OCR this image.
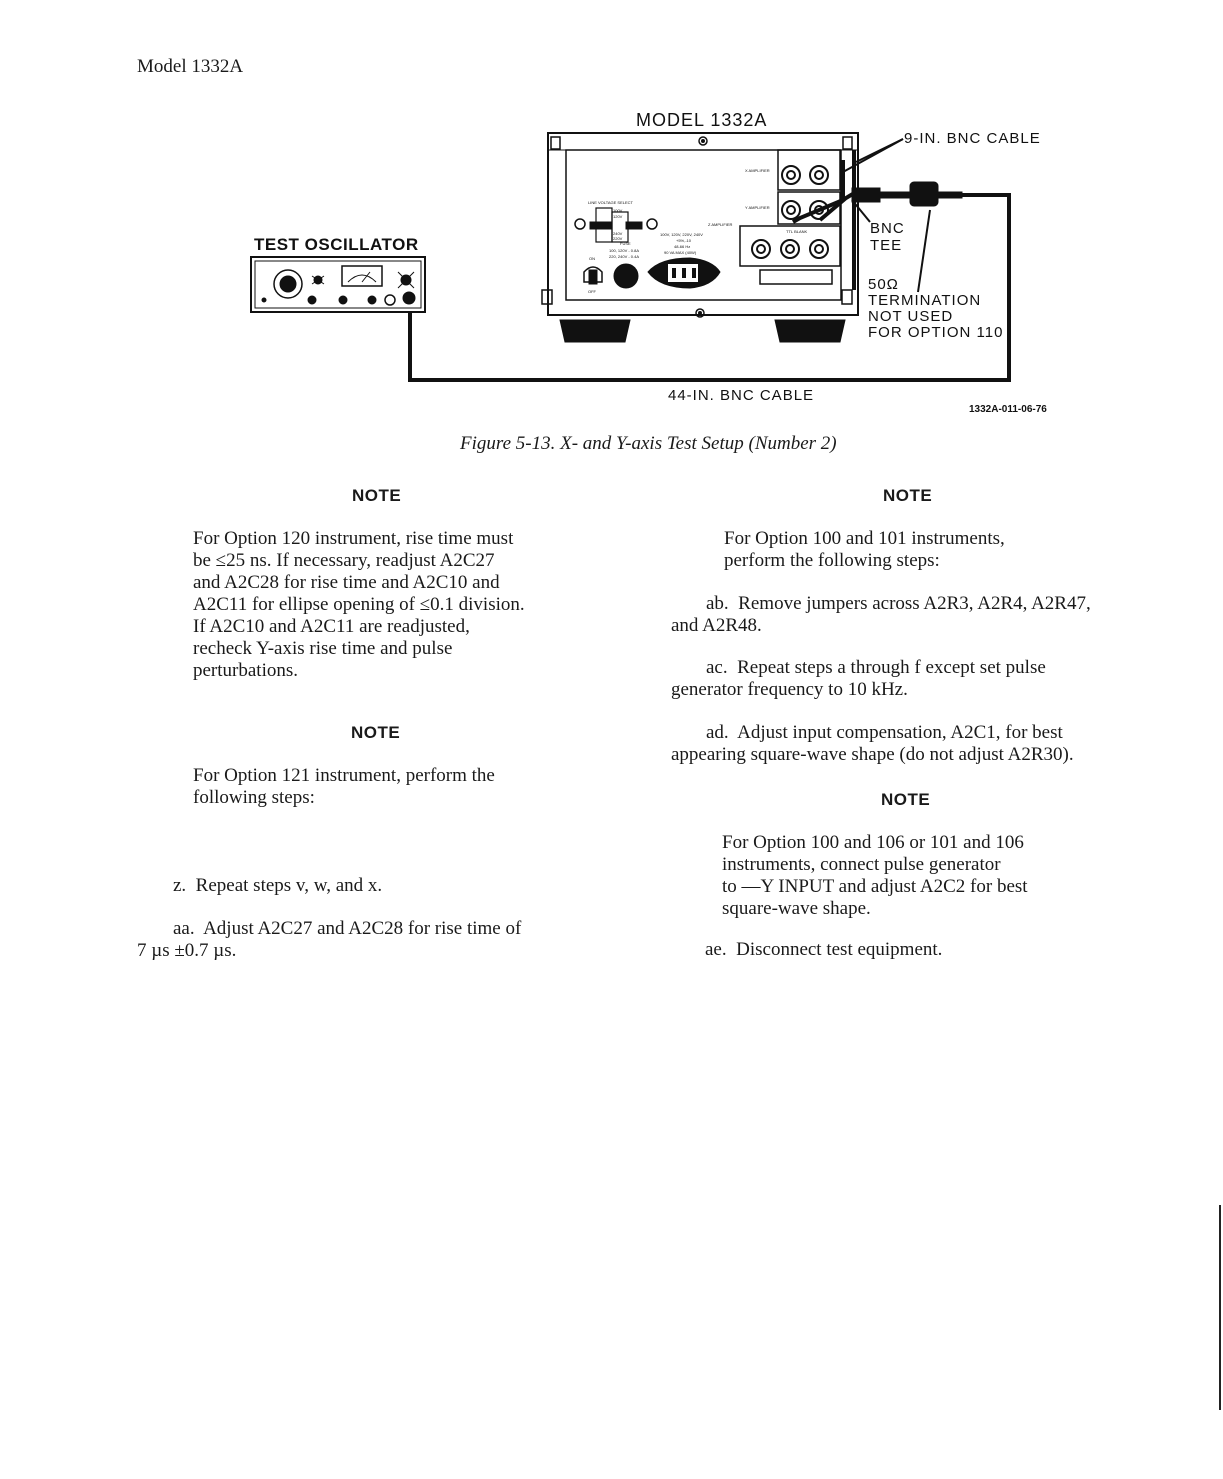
Model 1332A
LINE VOLTAGE SELECT
100V
120V
240V
220V
FUSE
100, 120V - 0.8A
220, 240V - 0.4A
100V, 120V, 220V, 240V
+5%,-10
48-66 Hz
90 VA MAX (40W)
Z AMPLIFIER
X AMPLIFIER
Y AMPLIFIER
TTL BLANK
ON
OFF
MODEL 1332A
TEST OSCILLATOR
9-IN. BNC CABLE
BNC
TEE
50Ω
TERMINATION
NOT USED
FOR OPTION 110
44-IN. BNC CABLE
1332A-011-06-76
Figure 5-13. X- and Y-axis Test Setup (Number 2)
NOTE
For Option 120 instrument, rise time must
be ≤25 ns. If necessary, readjust A2C27
and A2C28 for rise time and A2C10 and
A2C11 for ellipse opening of ≤0.1 division.
If A2C10 and A2C11 are readjusted,
recheck Y-axis rise time and pulse
perturbations.
NOTE
For Option 121 instrument, perform the
following steps:
z.  Repeat steps v, w, and x.
aa.  Adjust A2C27 and A2C28 for rise time of
7 µs ±0.7 µs.
NOTE
For Option 100 and 101 instruments,
perform the following steps:
ab.  Remove jumpers across A2R3, A2R4, A2R47,
and A2R48.
ac.  Repeat steps a through f except set pulse
generator frequency to 10 kHz.
ad.  Adjust input compensation, A2C1, for best
appearing square-wave shape (do not adjust A2R30).
NOTE
For Option 100 and 106 or 101 and 106
instruments, connect pulse generator
to —Y INPUT and adjust A2C2 for best
square-wave shape.
ae.  Disconnect test equipment.
